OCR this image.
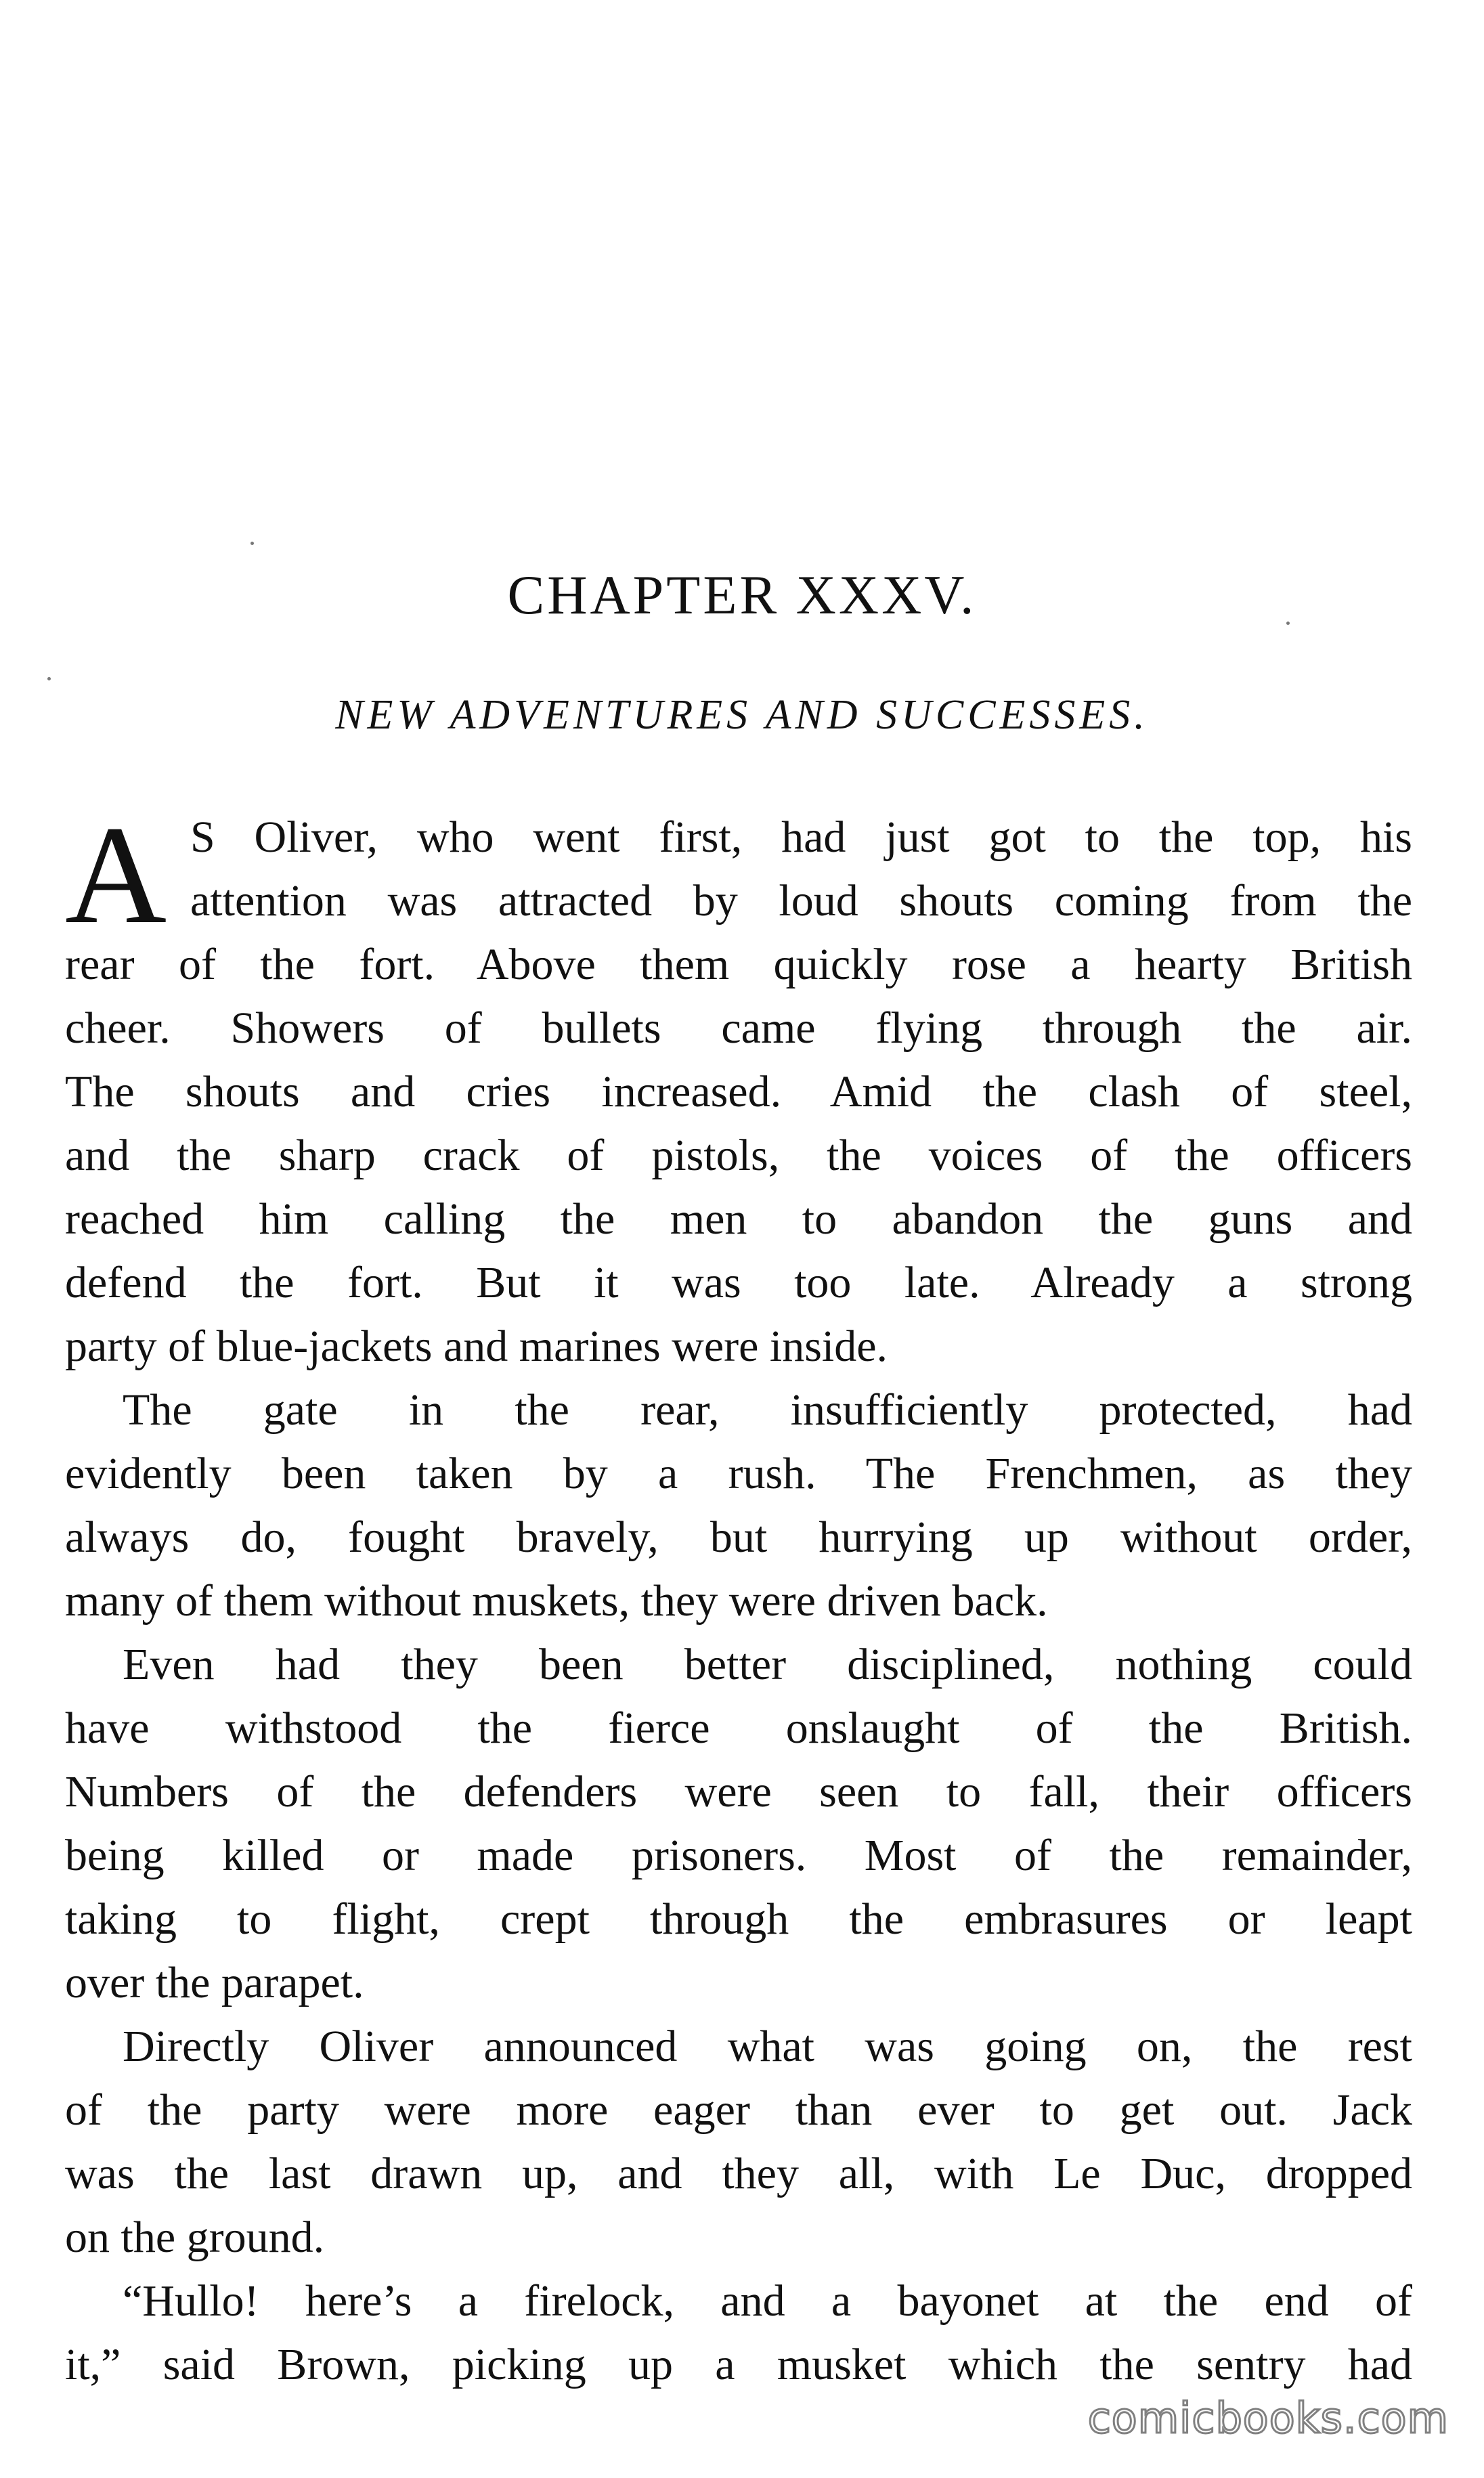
CHAPTER XXXV.
NEW ADVENTURES AND SUCCESSES.
A S Oliver, who went first, had just got to the top, his
attention was attracted by loud shouts coming from the
rear of the fort. Above them quickly rose a hearty British
cheer. Showers of bullets came flying through the air.
The shouts and cries increased. Amid the clash of steel,
and the sharp crack of pistols, the voices of the officers
reached him calling the men to abandon the guns and
defend the fort. But it was too late. Already a strong
party of blue-jackets and marines were inside.
The gate in the rear, insufficiently protected, had
evidently been taken by a rush. The Frenchmen, as they
always do, fought bravely, but hurrying up without order,
many of them without muskets, they were driven back.
Even had they been better disciplined, nothing could
have withstood the fierce onslaught of the British.
Numbers of the defenders were seen to fall, their officers
being killed or made prisoners. Most of the remainder,
taking to flight, crept through the embrasures or leapt
over the parapet.
Directly Oliver announced what was going on, the rest
of the party were more eager than ever to get out. Jack
was the last drawn up, and they all, with Le Duc, dropped
on the ground.
“Hullo! here’s a firelock, and a bayonet at the end of
it,” said Brown, picking up a musket which the sentry had
comicbooks.com
